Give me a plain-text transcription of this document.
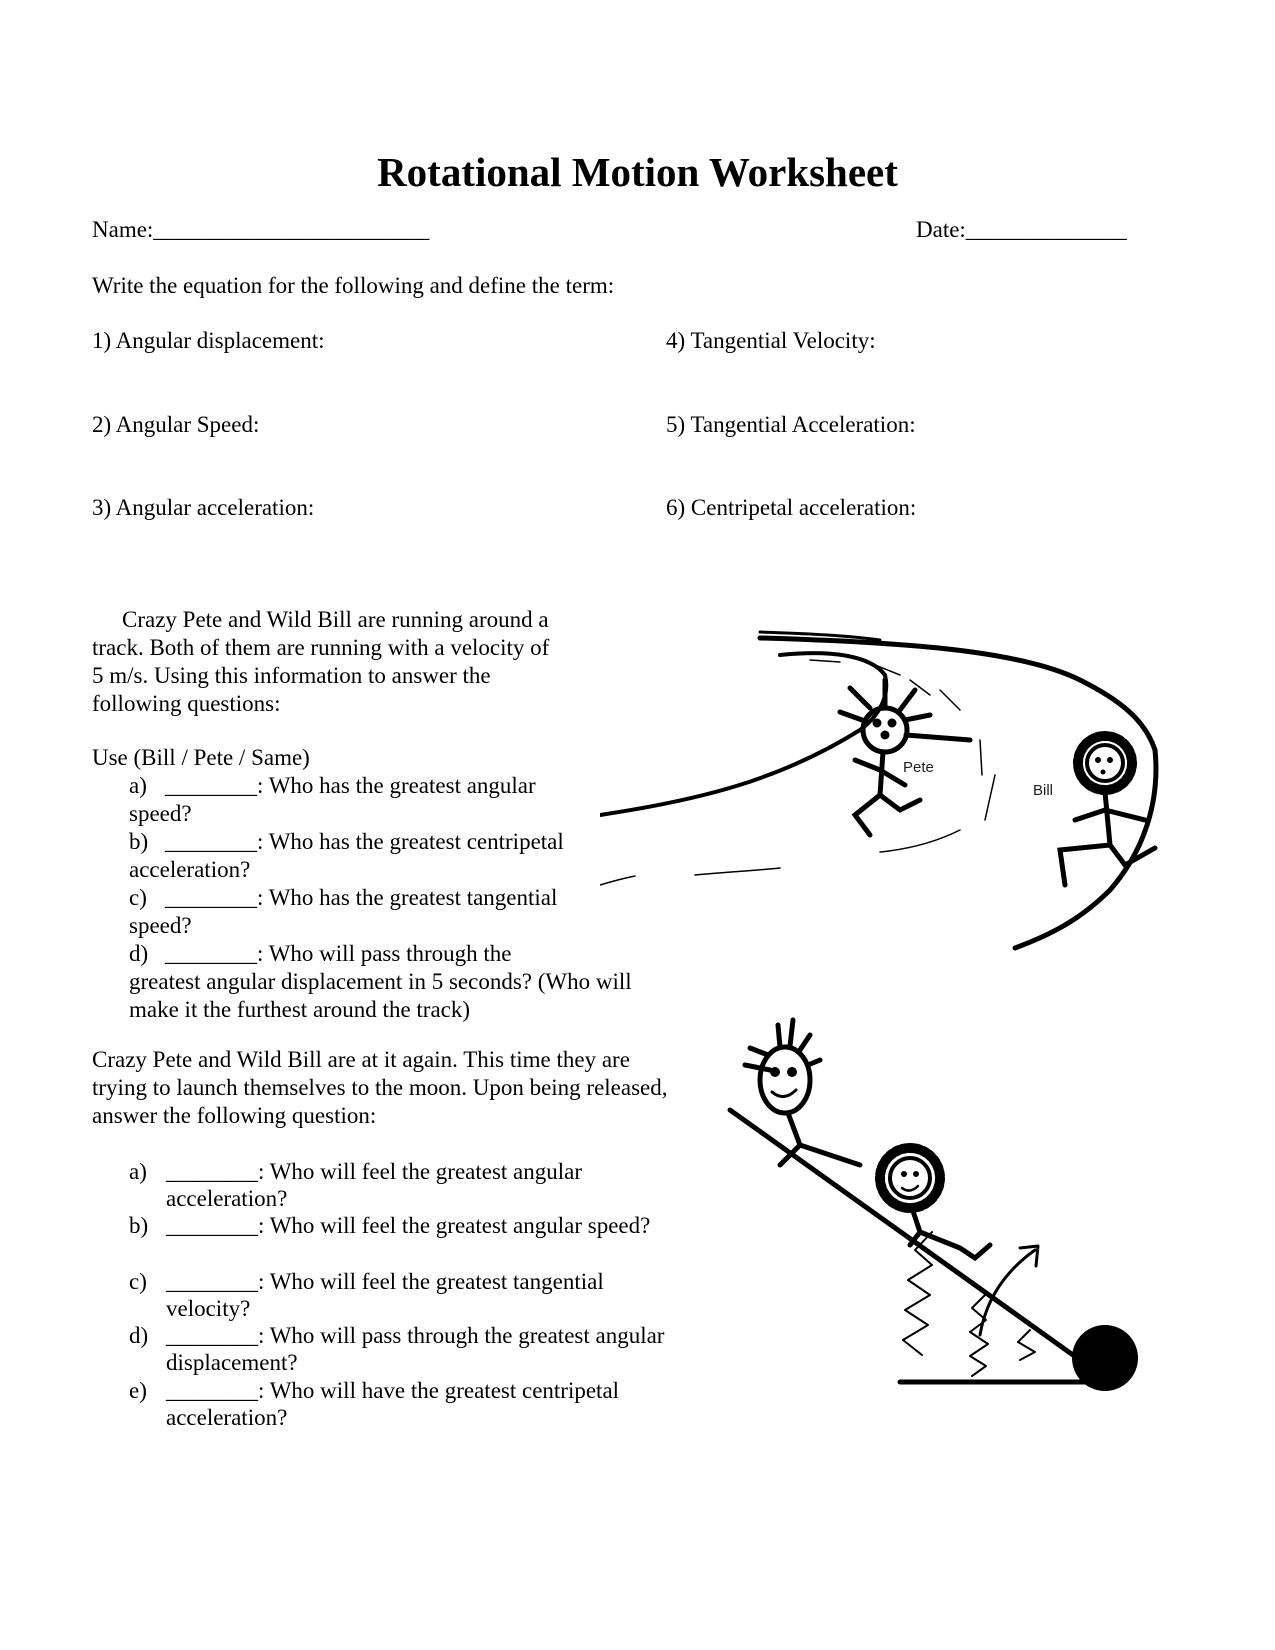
Rotational Motion Worksheet
Name:________________________	Date:______________
Write the equation for the following and define the term:
1) Angular displacement:
2) Angular Speed:
3) Angular acceleration:
4) Tangential Velocity:
5) Tangential Acceleration:
6) Centripetal acceleration:
Crazy Pete and Wild Bill are running around a
track. Both of them are running with a velocity of
5 m/s. Using this information to answer the
following questions:
Use (Bill / Pete / Same)
a) ________: Who has the greatest angular
speed?
b) ________: Who has the greatest centripetal
acceleration?
c) ________: Who has the greatest tangential
speed?
d) ________: Who will pass through the
greatest angular displacement in 5 seconds? (Who will
make it the furthest around the track)
Pete
Bill
Crazy Pete and Wild Bill are at it again. This time they are
trying to launch themselves to the moon. Upon being released,
answer the following question:
a) ________: Who will feel the greatest angular
acceleration?
b) ________: Who will feel the greatest angular speed?
c) ________: Who will feel the greatest tangential
velocity?
d) ________: Who will pass through the greatest angular
displacement?
e) ________: Who will have the greatest centripetal
acceleration?
